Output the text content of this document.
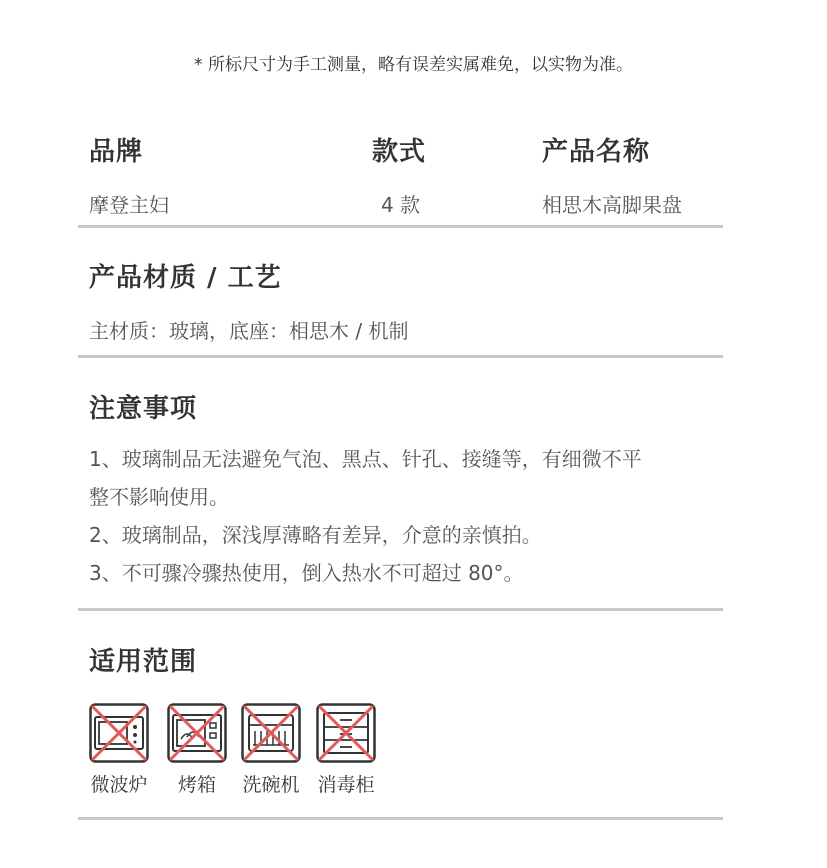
* 所标尺寸为手工测量，略有误差实属难免，以实物为准。
品牌	款式	产品名称
摩登主妇	4 款	相思木高脚果盘
产品材质 / 工艺
主材质：玻璃，底座：相思木 / 机制
注意事项
1、玻璃制品无法避免气泡、黑点、针孔、接缝等，有细微不平
整不影响使用。
2、玻璃制品，深浅厚薄略有差异，介意的亲慎拍。
3、不可骤冷骤热使用，倒入热水不可超过 80°。
适用范围
微波炉	烤箱	洗碗机 消毒柜
